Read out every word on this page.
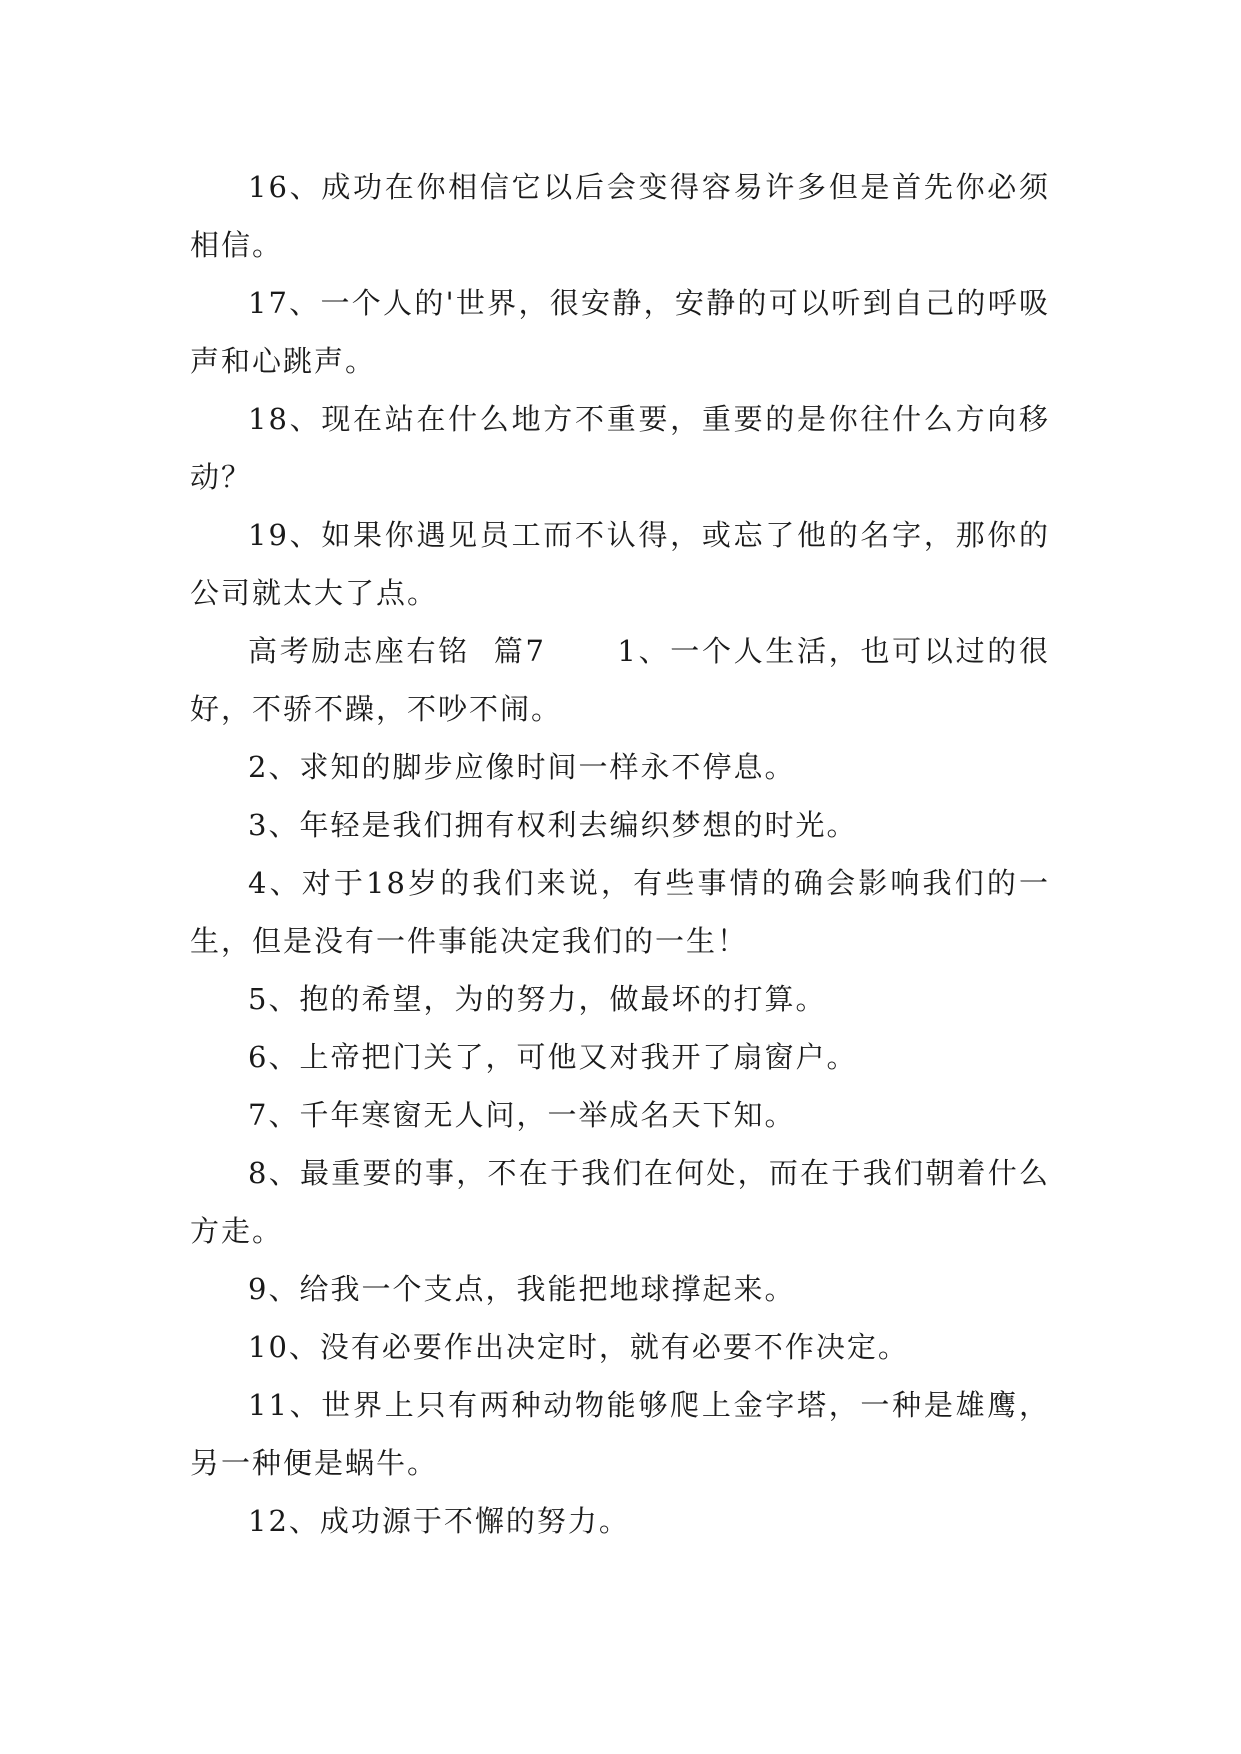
16、成功在你相信它以后会变得容易许多但是首先你必须相信。

17、一个人的'世界，很安静，安静的可以听到自己的呼吸声和心跳声。

18、现在站在什么地方不重要，重要的是你往什么方向移动？

19、如果你遇见员工而不认得，或忘了他的名字，那你的公司就太大了点。

高考励志座右铭  篇7      1、一个人生活，也可以过的很好，不骄不躁，不吵不闹。

2、求知的脚步应像时间一样永不停息。

3、年轻是我们拥有权利去编织梦想的时光。

4、对于18岁的我们来说，有些事情的确会影响我们的一生，但是没有一件事能决定我们的一生！

5、抱的希望，为的努力，做最坏的打算。

6、上帝把门关了，可他又对我开了扇窗户。

7、千年寒窗无人问，一举成名天下知。

8、最重要的事，不在于我们在何处，而在于我们朝着什么方走。

9、给我一个支点，我能把地球撑起来。

10、没有必要作出决定时，就有必要不作决定。

11、世界上只有两种动物能够爬上金字塔，一种是雄鹰，另一种便是蜗牛。

12、成功源于不懈的努力。
